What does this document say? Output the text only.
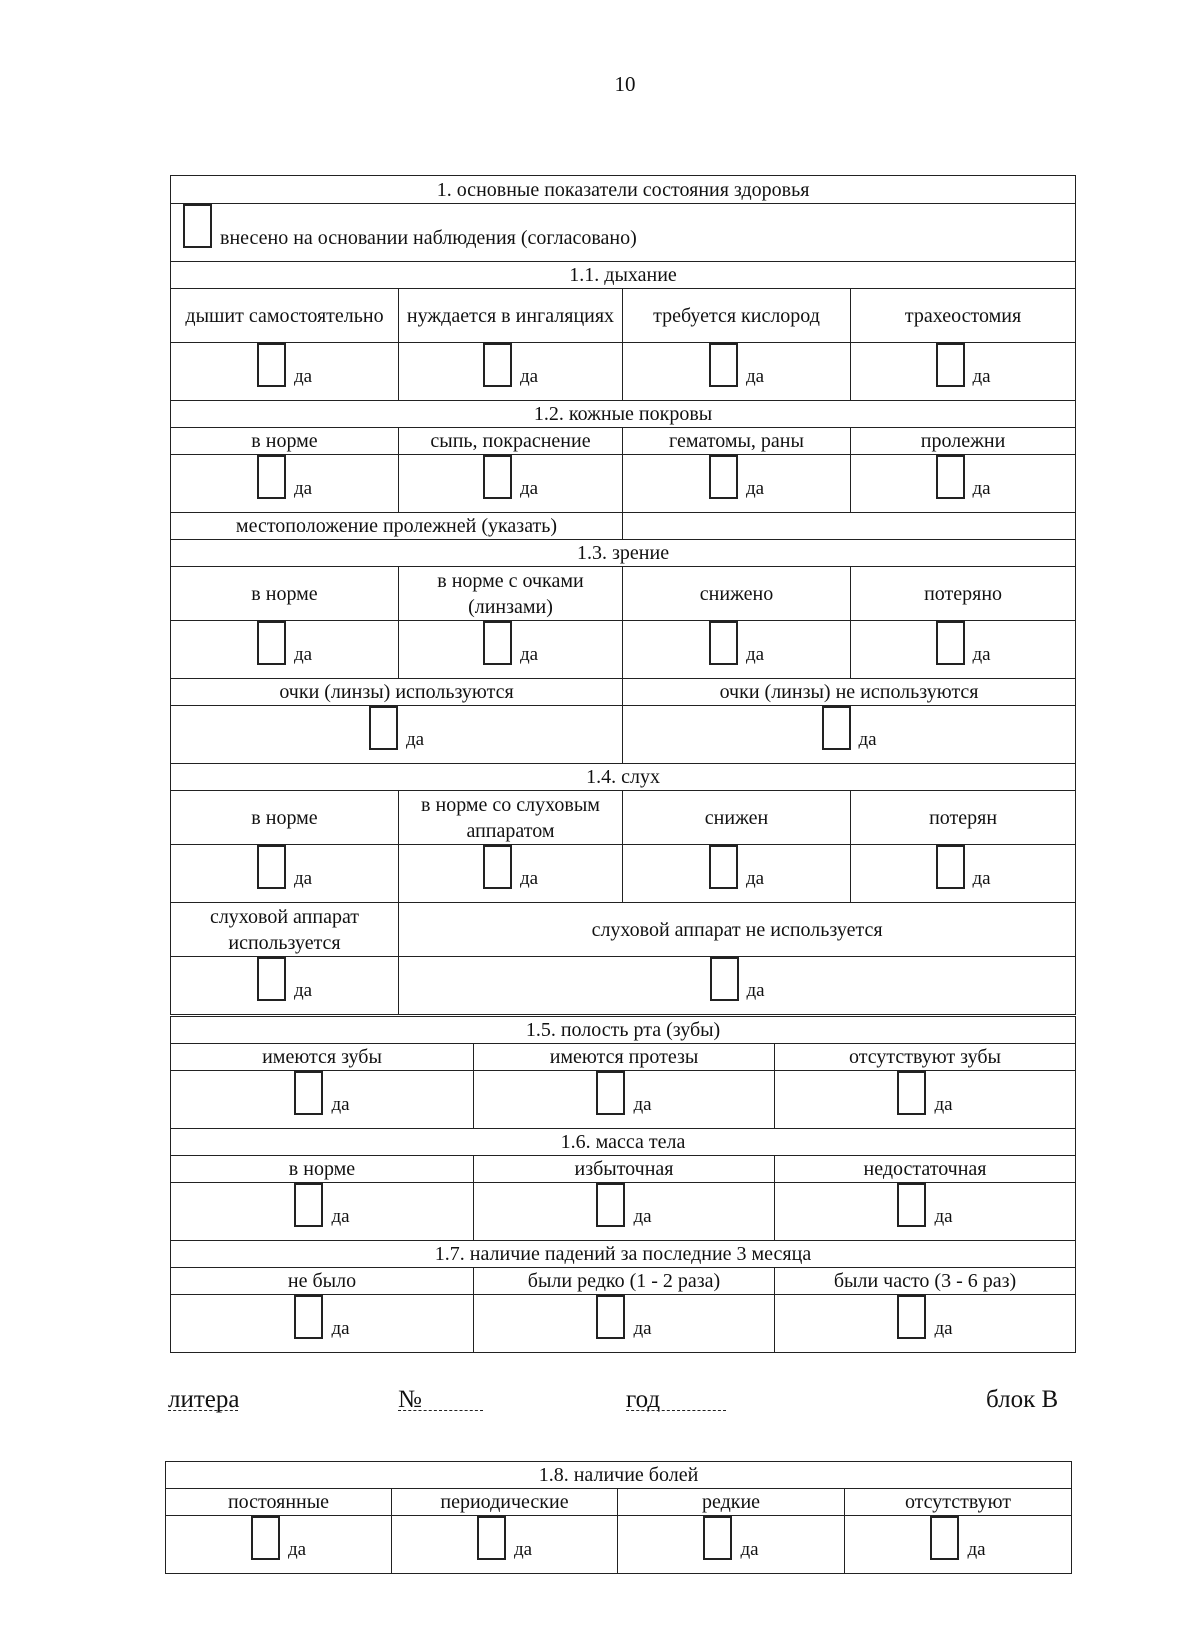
10
1. основные показатели состояния здоровья			
внесено на основании наблюдения (согласовано)			
1.1. дыхание			
дышит самостоятельно	нуждается в ингаляциях	требуется кислород	трахеостомия
да	да	да	да
1.2. кожные покровы			
в норме	сыпь, покраснение	гематомы, раны	пролежни
да	да	да	да
местоположение пролежней (указать)			
1.3. зрение			
в норме	в норме с очками (линзами)	снижено	потеряно
да	да	да	да
очки (линзы) используются		очки (линзы) не используются	
да		да	
1.4. слух			
в норме	в норме со слуховым аппаратом	снижен	потерян
да	да	да	да
слуховой аппарат используется	слуховой аппарат не используется		
да	да		
1.5. полость рта (зубы)		
имеются зубы	имеются протезы	отсутствуют зубы
да	да	да
1.6. масса тела		
в норме	избыточная	недостаточная
да	да	да
1.7. наличие падений за последние 3 месяца		
не было	были редко (1 - 2 раза)	были часто (3 - 6 раз)
да	да	да
литера	№	год	блок В
1.8. наличие болей			
постоянные	периодические	редкие	отсутствуют
да	да	да	да
